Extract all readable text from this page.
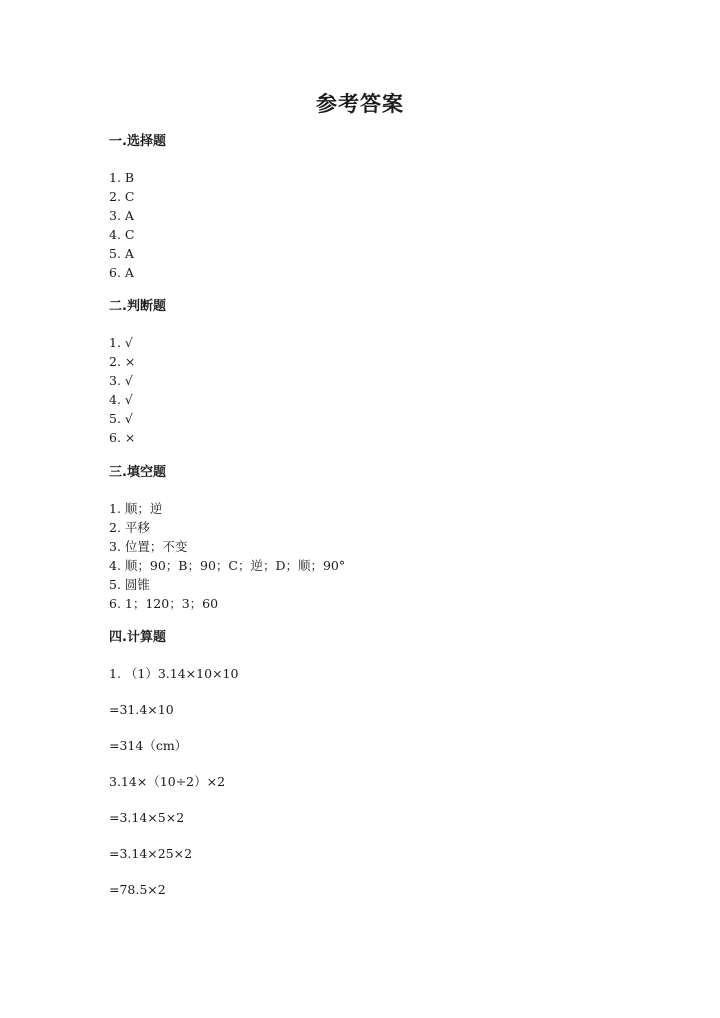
参考答案
一.选择题
1. B
2. C
3. A
4. C
5. A
6. A
二.判断题
1. √
2. ×
3. √
4. √
5. √
6. ×
三.填空题
1. 顺；逆
2. 平移
3. 位置；不变
4. 顺；90；B；90；C；逆；D；顺；90°
5. 圆锥
6. 1；120；3；60
四.计算题
1. （1）3.14×10×10
=31.4×10
=314（cm）
3.14×（10÷2）×2
=3.14×5×2
=3.14×25×2
=78.5×2
